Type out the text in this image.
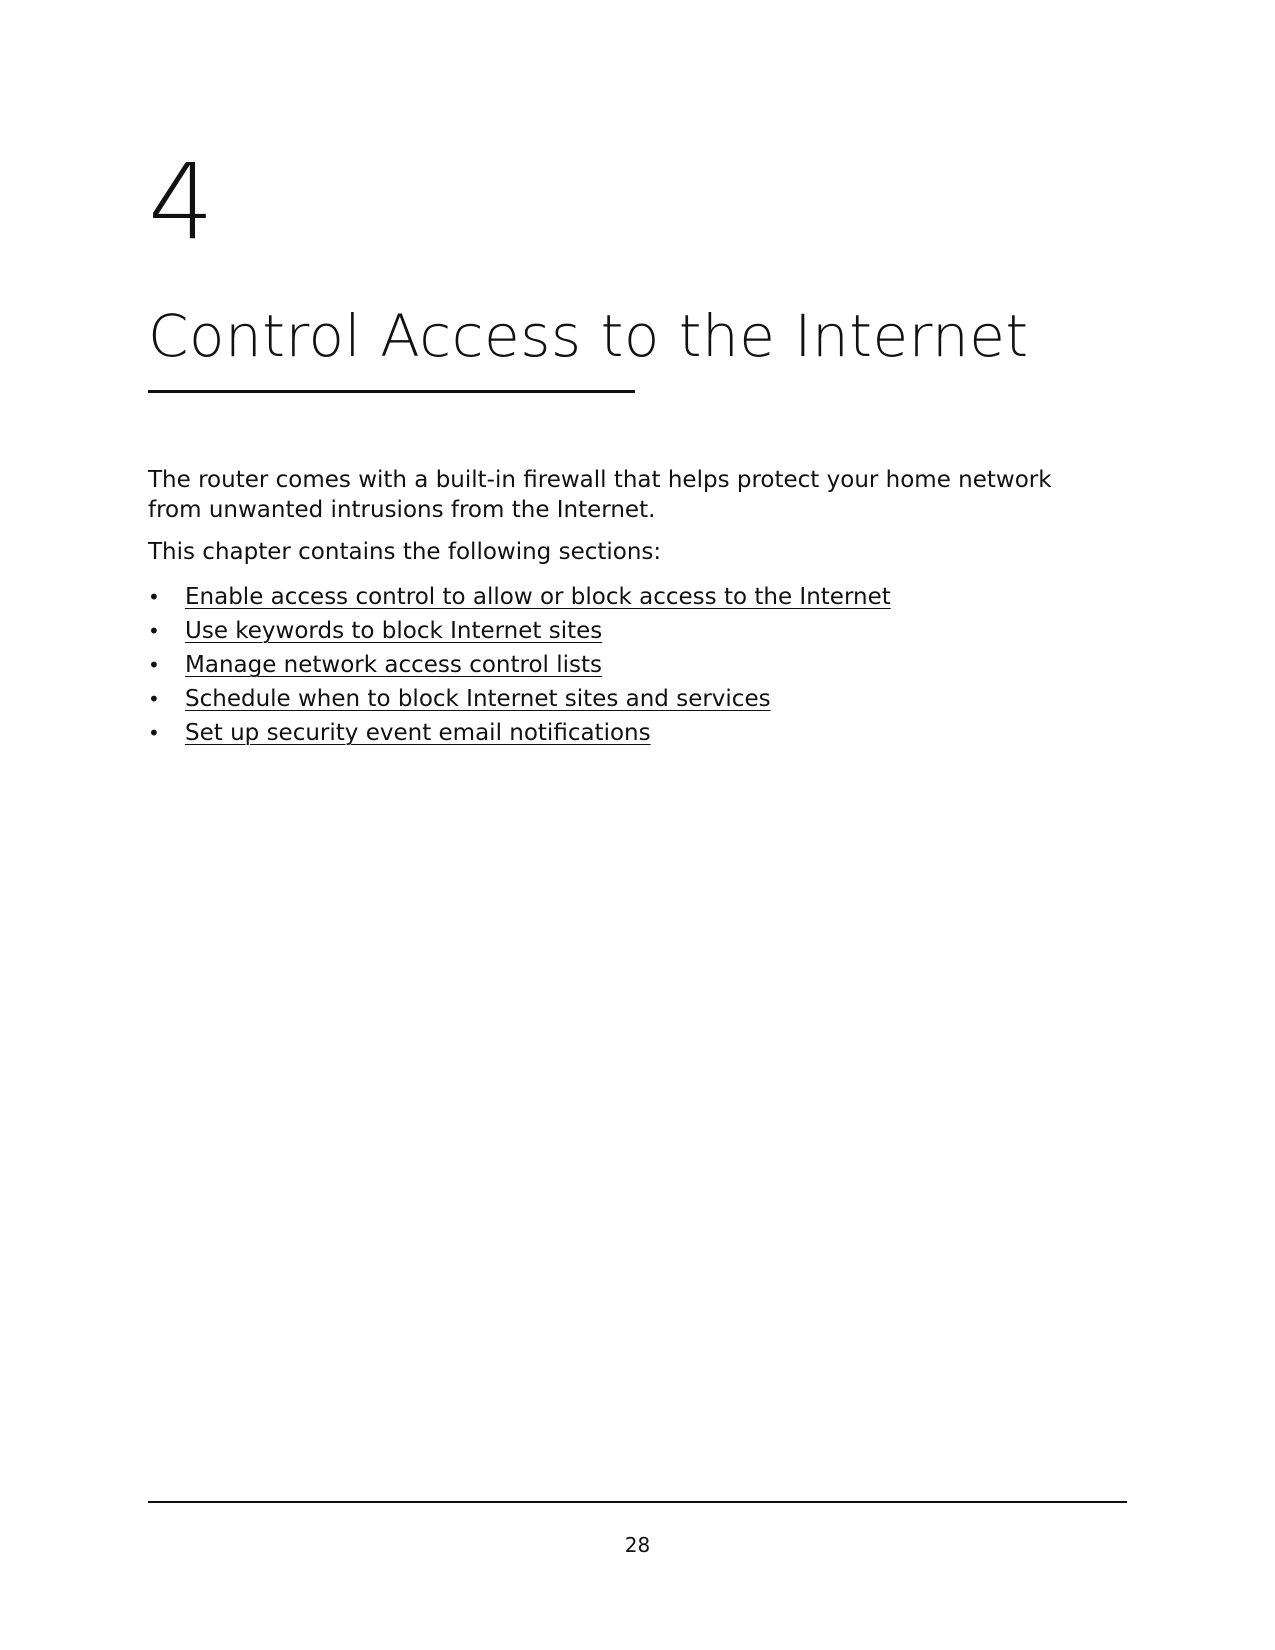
4
Control Access to the Internet
The router comes with a built-in firewall that helps protect your home network from unwanted intrusions from the Internet.
This chapter contains the following sections:
•	Enable access control to allow or block access to the Internet
•	Use keywords to block Internet sites
•	Manage network access control lists
•	Schedule when to block Internet sites and services
•	Set up security event email notifications
28
